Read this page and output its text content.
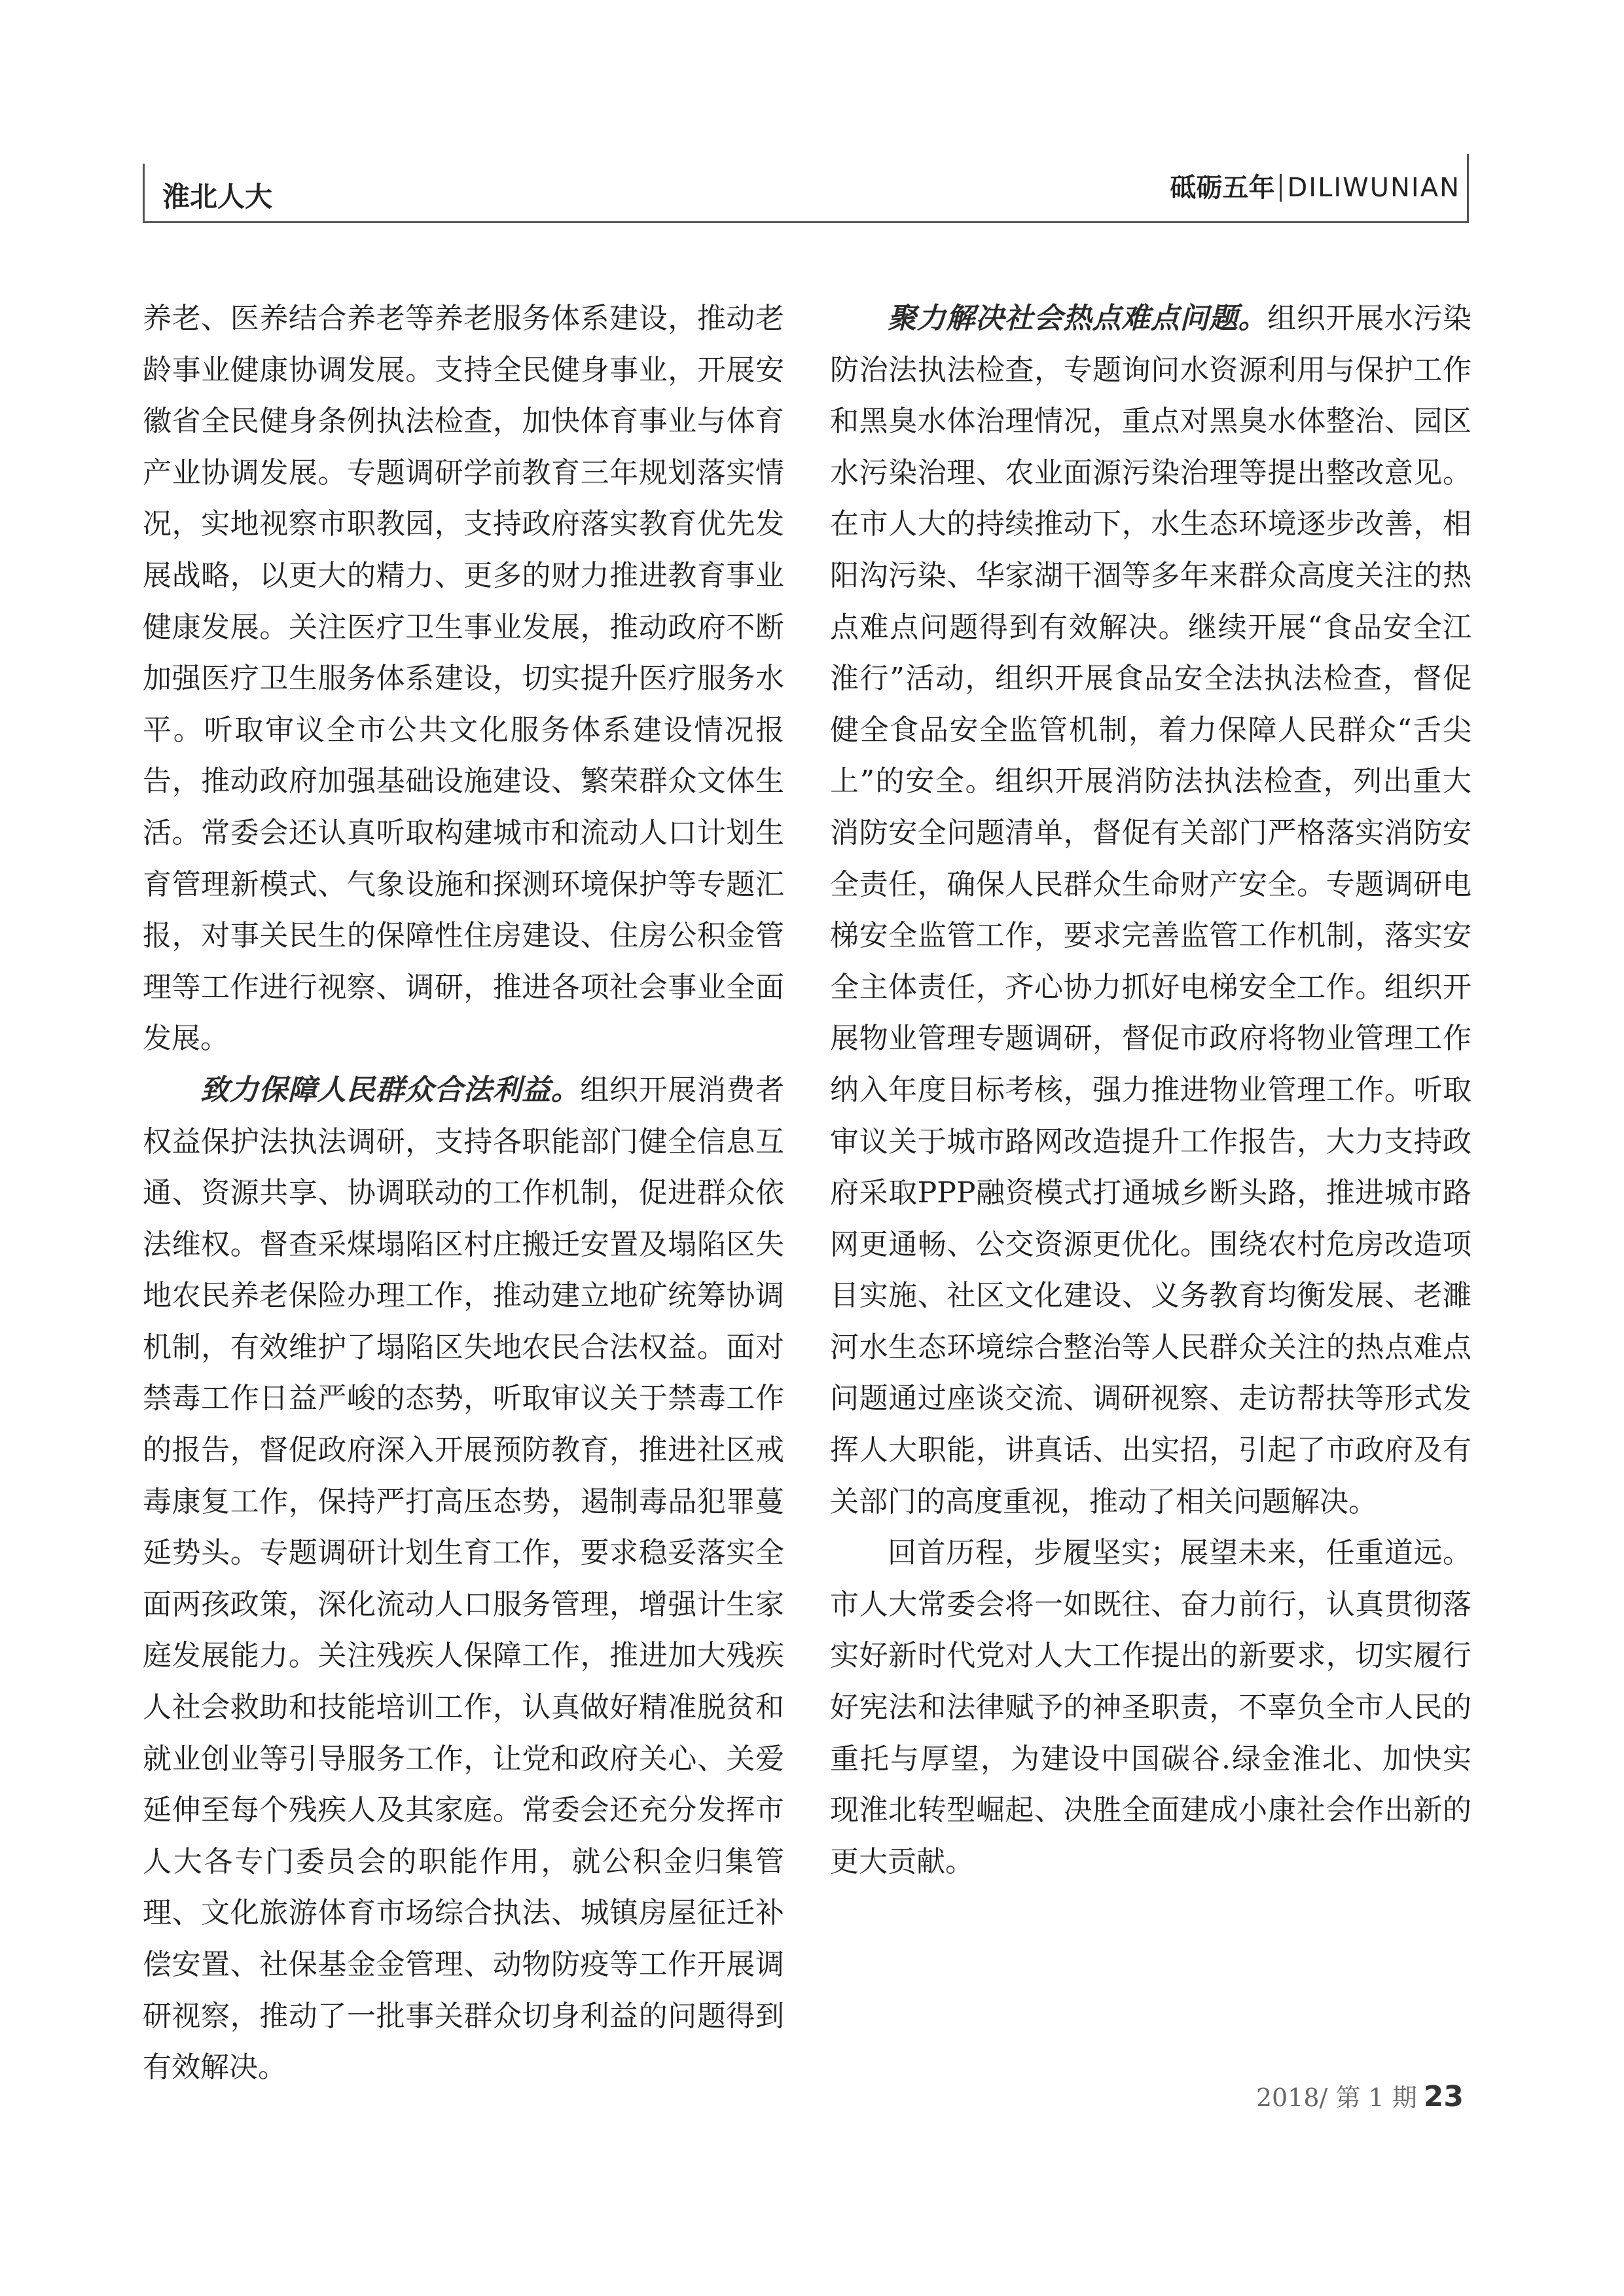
淮北人大	砥砺五年 DILIWUNIAN

养老、医养结合养老等养老服务体系建设，推动老龄事业健康协调发展。支持全民健身事业，开展安徽省全民健身条例执法检查，加快体育事业与体育产业协调发展。专题调研学前教育三年规划落实情况，实地视察市职教园，支持政府落实教育优先发展战略，以更大的精力、更多的财力推进教育事业健康发展。关注医疗卫生事业发展，推动政府不断加强医疗卫生服务体系建设，切实提升医疗服务水平。听取审议全市公共文化服务体系建设情况报告，推动政府加强基础设施建设、繁荣群众文体生活。常委会还认真听取构建城市和流动人口计划生育管理新模式、气象设施和探测环境保护等专题汇报，对事关民生的保障性住房建设、住房公积金管理等工作进行视察、调研，推进各项社会事业全面发展。

致力保障人民群众合法利益。组织开展消费者权益保护法执法调研，支持各职能部门健全信息互通、资源共享、协调联动的工作机制，促进群众依法维权。督查采煤塌陷区村庄搬迁安置及塌陷区失地农民养老保险办理工作，推动建立地矿统筹协调机制，有效维护了塌陷区失地农民合法权益。面对禁毒工作日益严峻的态势，听取审议关于禁毒工作的报告，督促政府深入开展预防教育，推进社区戒毒康复工作，保持严打高压态势，遏制毒品犯罪蔓延势头。专题调研计划生育工作，要求稳妥落实全面两孩政策，深化流动人口服务管理，增强计生家庭发展能力。关注残疾人保障工作，推进加大残疾人社会救助和技能培训工作，认真做好精准脱贫和就业创业等引导服务工作，让党和政府关心、关爱延伸至每个残疾人及其家庭。常委会还充分发挥市人大各专门委员会的职能作用，就公积金归集管理、文化旅游体育市场综合执法、城镇房屋征迁补偿安置、社保基金金管理、动物防疫等工作开展调研视察，推动了一批事关群众切身利益的问题得到有效解决。

聚力解决社会热点难点问题。组织开展水污染防治法执法检查，专题询问水资源利用与保护工作和黑臭水体治理情况，重点对黑臭水体整治、园区水污染治理、农业面源污染治理等提出整改意见。在市人大的持续推动下，水生态环境逐步改善，相阳沟污染、华家湖干涸等多年来群众高度关注的热点难点问题得到有效解决。继续开展“食品安全江淮行”活动，组织开展食品安全法执法检查，督促健全食品安全监管机制，着力保障人民群众“舌尖上”的安全。组织开展消防法执法检查，列出重大消防安全问题清单，督促有关部门严格落实消防安全责任，确保人民群众生命财产安全。专题调研电梯安全监管工作，要求完善监管工作机制，落实安全主体责任，齐心协力抓好电梯安全工作。组织开展物业管理专题调研，督促市政府将物业管理工作纳入年度目标考核，强力推进物业管理工作。听取审议关于城市路网改造提升工作报告，大力支持政府采取PPP融资模式打通城乡断头路，推进城市路网更通畅、公交资源更优化。围绕农村危房改造项目实施、社区文化建设、义务教育均衡发展、老濉河水生态环境综合整治等人民群众关注的热点难点问题通过座谈交流、调研视察、走访帮扶等形式发挥人大职能，讲真话、出实招，引起了市政府及有关部门的高度重视，推动了相关问题解决。

回首历程，步履坚实；展望未来，任重道远。市人大常委会将一如既往、奋力前行，认真贯彻落实好新时代党对人大工作提出的新要求，切实履行好宪法和法律赋予的神圣职责，不辜负全市人民的重托与厚望，为建设中国碳谷.绿金淮北、加快实现淮北转型崛起、决胜全面建成小康社会作出新的更大贡献。

2018/ 第 1 期 23
